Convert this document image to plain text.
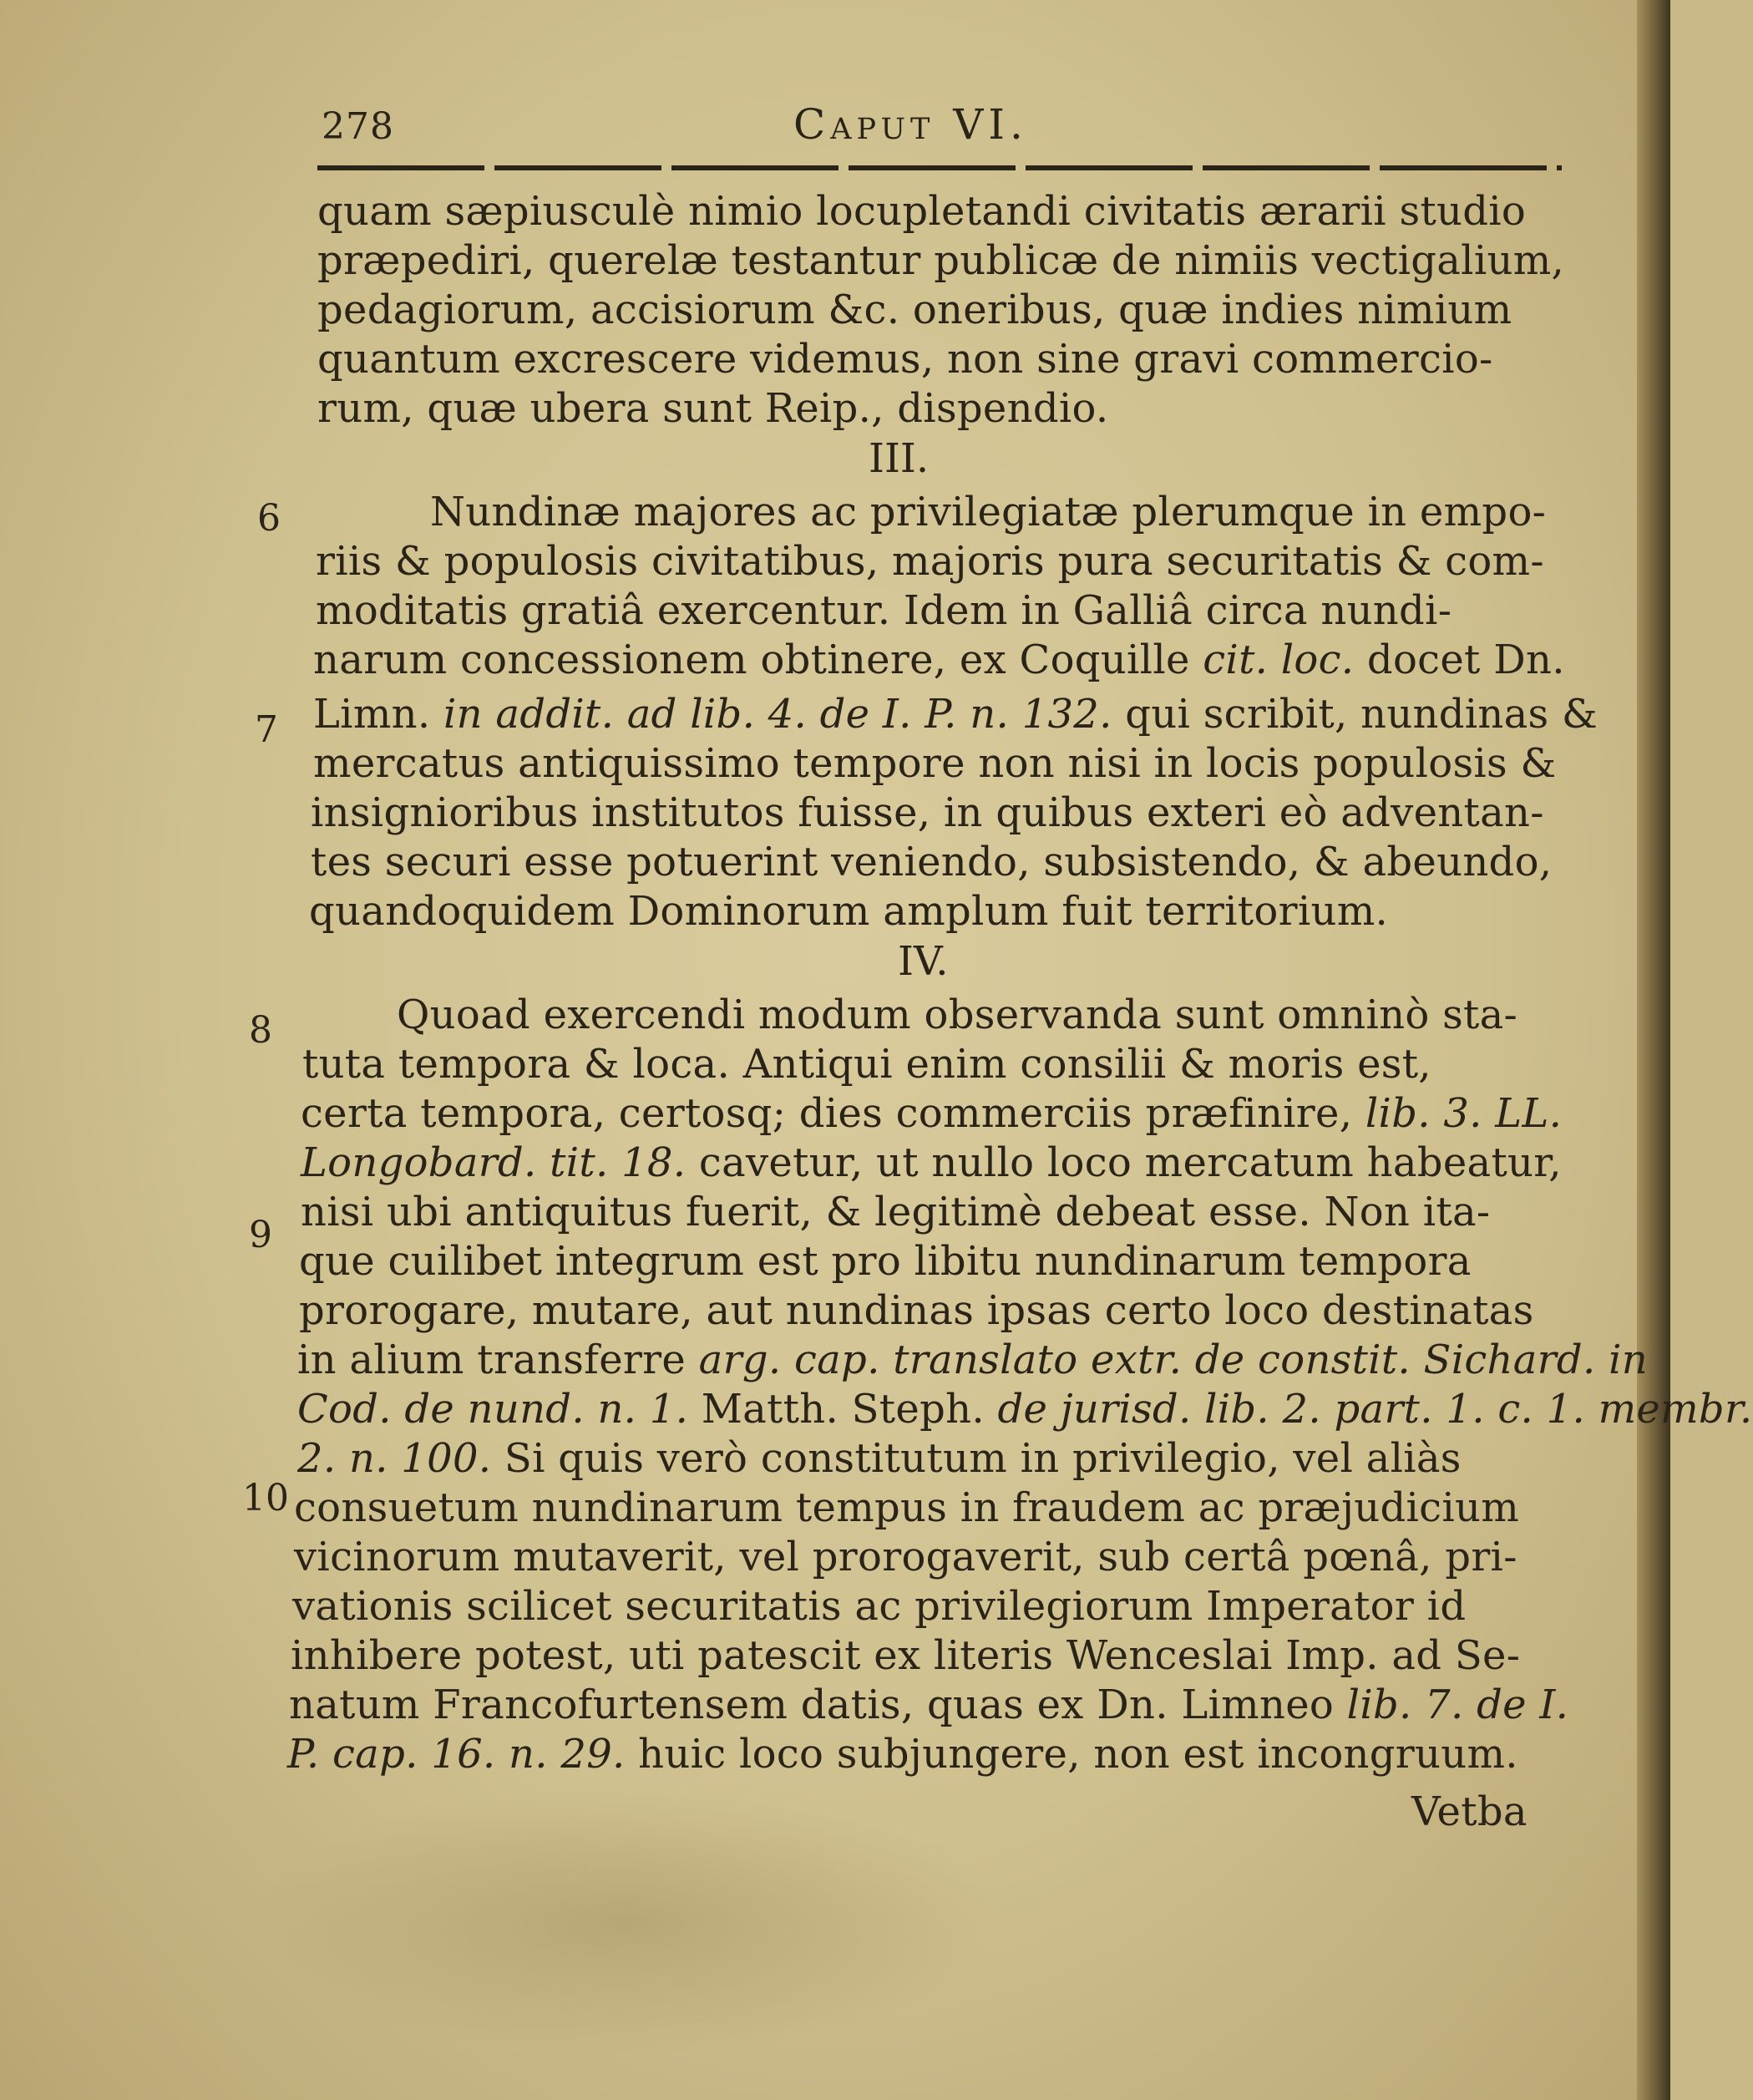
278	Caput VI.
quam sæpiusculè nimio locupletandi civitatis ærarii studio
præpediri, querelæ testantur publicæ de nimiis vectigalium,
pedagiorum, accisiorum &c. oneribus, quæ indies nimium
quantum excrescere videmus, non sine gravi commercio-
rum, quæ ubera sunt Reip., dispendio.
III.
6	Nundinæ majores ac privilegiatæ plerumque in empo-
riis & populosis civitatibus, majoris pura securitatis & com-
moditatis gratiâ exercentur. Idem in Galliâ circa nundi-
narum concessionem obtinere, ex Coquille cit. loc. docet Dn.
7 Limn. in addit. ad lib. 4. de I. P. n. 132. qui scribit, nundinas &
mercatus antiquissimo tempore non nisi in locis populosis &
insignioribus institutos fuisse, in quibus exteri eò adventan-
tes securi esse potuerint veniendo, subsistendo, & abeundo,
quandoquidem Dominorum amplum fuit territorium.
IV.
8	Quoad exercendi modum observanda sunt omninò sta-
tuta tempora & loca. Antiqui enim consilii & moris est,
certa tempora, certosq; dies commerciis præfinire, lib. 3. LL.
Longobard. tit. 18. cavetur, ut nullo loco mercatum habeatur,
9 nisi ubi antiquitus fuerit, & legitimè debeat esse. Non ita-
que cuilibet integrum est pro libitu nundinarum tempora
prorogare, mutare, aut nundinas ipsas certo loco destinatas
in alium transferre arg. cap. translato extr. de constit. Sichard. in
Cod. de nund. n. 1. Matth. Steph. de jurisd. lib. 2. part. 1. c. 1. membr.
10
2. n. 100. Si quis verò constitutum in privilegio, vel aliàs
consuetum nundinarum tempus in fraudem ac præjudicium
vicinorum mutaverit, vel prorogaverit, sub certâ pœnâ, pri-
vationis scilicet securitatis ac privilegiorum Imperator id
inhibere potest, uti patescit ex literis Wenceslai Imp. ad Se-
natum Francofurtensem datis, quas ex Dn. Limneo lib. 7. de I.
P. cap. 16. n. 29. huic loco subjungere, non est incongruum.
Vetba
